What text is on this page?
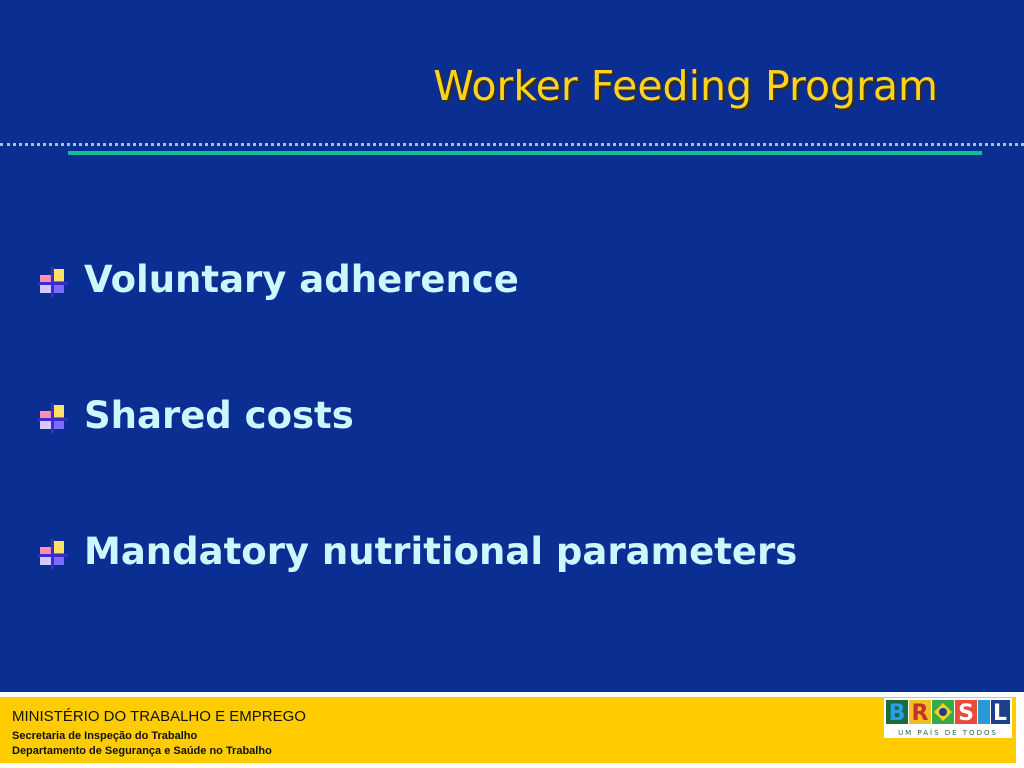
Worker Feeding Program
Voluntary adherence
Shared costs
Mandatory nutritional parameters
MINISTÉRIO DO TRABALHO E EMPREGO
Secretaria de Inspeção do Trabalho
Departamento de Segurança e Saúde no Trabalho
B R S L
UM PAÍS DE TODOS
